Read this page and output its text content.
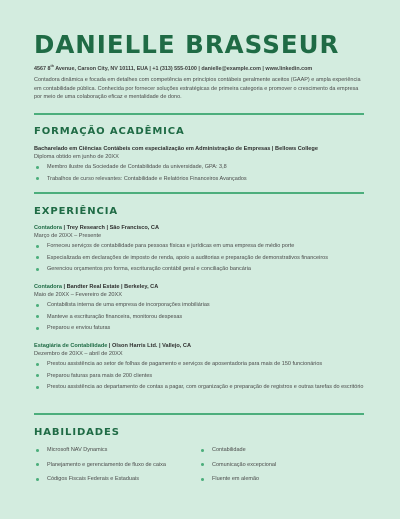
DANIELLE BRASSEUR
4567 8th Avenue, Carson City, NV 10111, EUA | +1 (313) 555-0100 | danielle@example.com | www.linkedin.com
Contadora dinâmica e focada em detalhes com competência em princípios contábeis geralmente aceitos (GAAP) e ampla experiência em contabilidade pública. Conhecida por fornecer soluções estratégicas de primeira categoria e promover o crescimento da empresa por meio de uma colaboração eficaz e mentalidade de dono.
FORMAÇÃO ACADÊMICA
Bacharelado em Ciências Contábeis com especialização em Administração de Empresas | Bellows College
Diploma obtido em junho de 20XX
Membro ilustre da Sociedade de Contabilidade da universidade, GPA: 3,8
Trabalhos de curso relevantes: Contabilidade e Relatórios Financeiros Avançados
EXPERIÊNCIA
Contadora | Trey Research | São Francisco, CA
Março de 20XX – Presente
Forneceu serviços de contabilidade para pessoas físicas e jurídicas em uma empresa de médio porte
Especializada em declarações de imposto de renda, apoio a auditorias e preparação de demonstrativos financeiros
Gerenciou orçamentos pro forma, escrituração contábil geral e conciliação bancária
Contadora | Bandter Real Estate | Berkeley, CA
Maio de 20XX – Fevereiro de 20XX
Contabilista interna de uma empresa de incorporações imobiliárias
Manteve a escrituração financeira, monitorou despesas
Preparou e enviou faturas
Estagiária de Contabilidade | Olson Harris Ltd. | Vallejo, CA
Dezembro de 20XX – abril de 20XX
Prestou assistência ao setor de folhas de pagamento e serviços de aposentadoria para mais de 150 funcionários
Preparou faturas para mais de 200 clientes
Prestou assistência ao departamento de contas a pagar, com organização e preparação de registros e outras tarefas do escritório
HABILIDADES
Microsoft NAV Dynamics
Planejamento e gerenciamento de fluxo de caixa
Códigos Fiscais Federais e Estaduais
Contabilidade
Comunicação excepcional
Fluente em alemão
